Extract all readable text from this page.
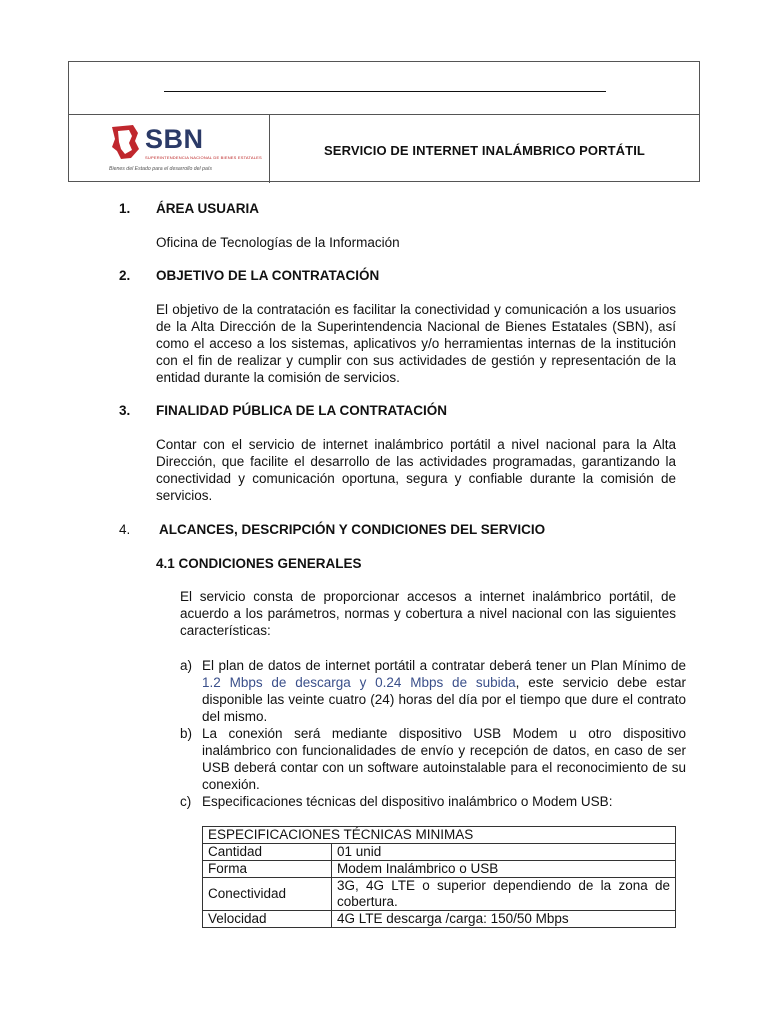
SBN
SUPERINTENDENCIA NACIONAL DE BIENES ESTATALES
Bienes del Estado para el desarrollo del país
SERVICIO DE INTERNET INALÁMBRICO PORTÁTIL
1. ÁREA USUARIA

Oficina de Tecnologías de la Información

2. OBJETIVO DE LA CONTRATACIÓN

El objetivo de la contratación es facilitar la conectividad y comunicación a los usuarios de la Alta Dirección de la Superintendencia Nacional de Bienes Estatales (SBN), así como el acceso a los sistemas, aplicativos y/o herramientas internas de la institución con el fin de realizar y cumplir con sus actividades de gestión y representación de la entidad durante la comisión de servicios.

3. FINALIDAD PÚBLICA DE LA CONTRATACIÓN

Contar con el servicio de internet inalámbrico portátil a nivel nacional para la Alta Dirección, que facilite el desarrollo de las actividades programadas, garantizando la conectividad y comunicación oportuna, segura y confiable durante la comisión de servicios.

4. ALCANCES, DESCRIPCIÓN Y CONDICIONES DEL SERVICIO
4.1 CONDICIONES GENERALES

El servicio consta de proporcionar accesos a internet inalámbrico portátil, de acuerdo a los parámetros, normas y cobertura a nivel nacional con las siguientes características:

a) El plan de datos de internet portátil a contratar deberá tener un Plan Mínimo de 1.2 Mbps de descarga y 0.24 Mbps de subida, este servicio debe estar disponible las veinte cuatro (24) horas del día por el tiempo que dure el contrato del mismo.
b) La conexión será mediante dispositivo USB Modem u otro dispositivo inalámbrico con funcionalidades de envío y recepción de datos, en caso de ser USB deberá contar con un software autoinstalable para el reconocimiento de su conexión.
c) Especificaciones técnicas del dispositivo inalámbrico o Modem USB:
ESPECIFICACIONES TÉCNICAS MINIMAS	
Cantidad	01 unid
Forma	Modem Inalámbrico o USB
Conectividad	3G, 4G LTE o superior dependiendo de la zona de cobertura.
Velocidad	4G LTE descarga /carga: 150/50 Mbps
